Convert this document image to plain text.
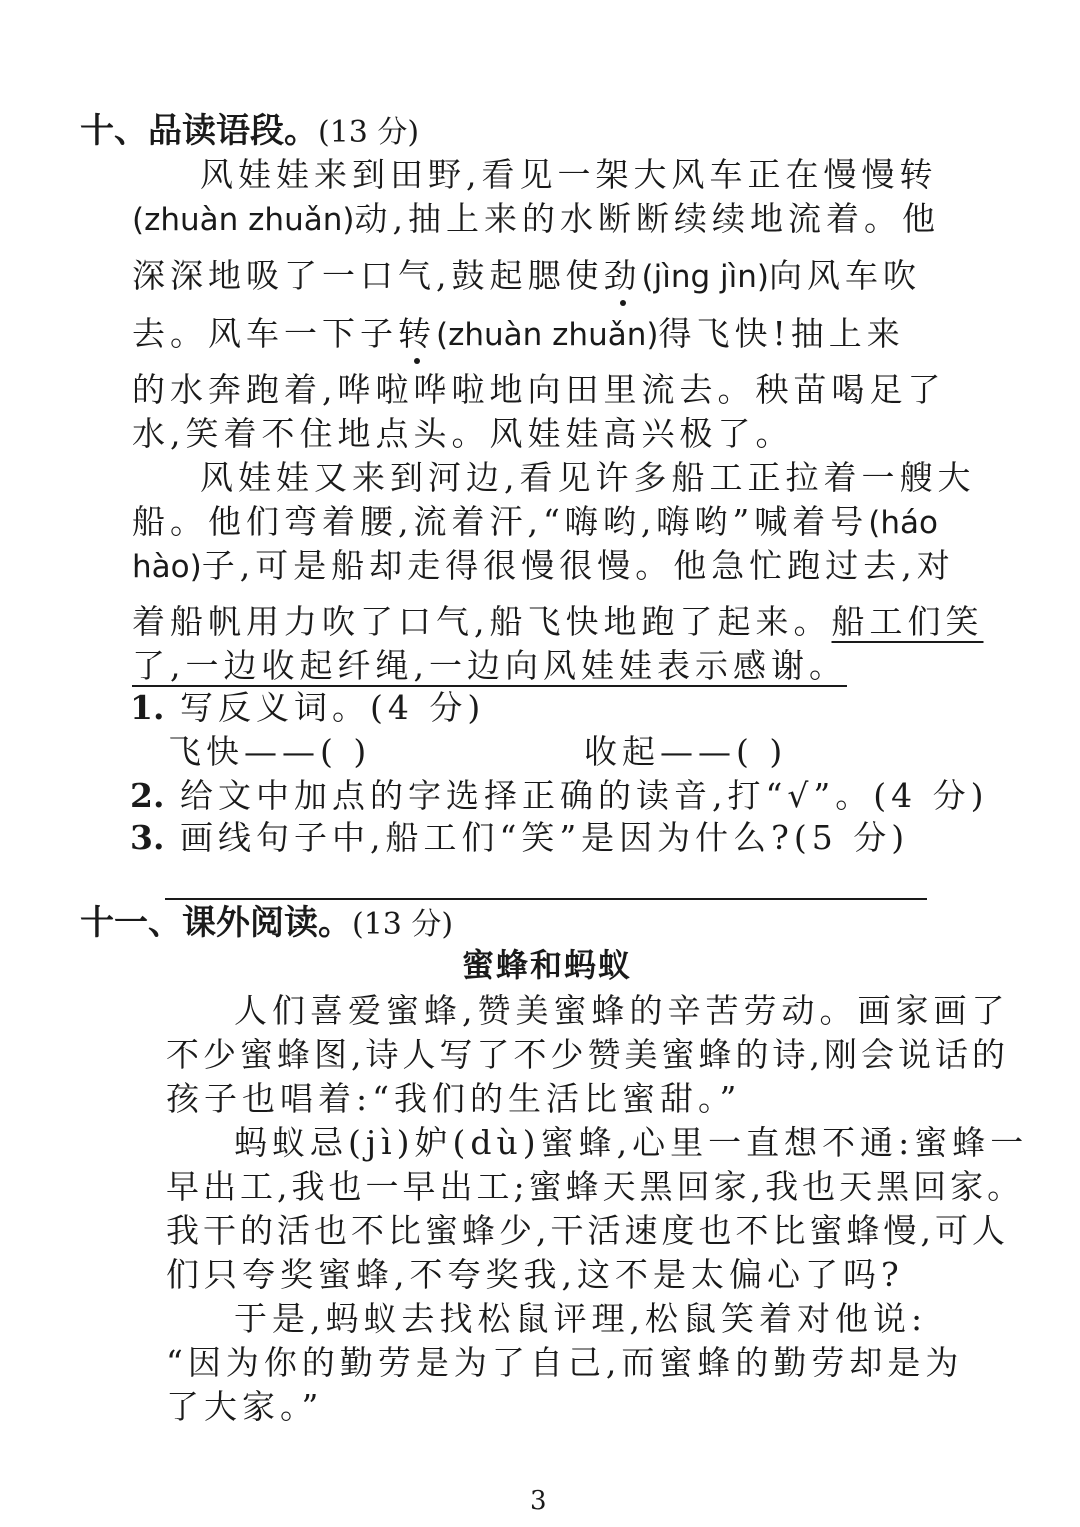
十、品读语段。(13 分)
风娃娃来到田野,看见一架大风车正在慢慢转
(zhuàn zhuǎn)动,抽上来的水断断续续地流着。他
深深地吸了一口气,鼓起腮使劲(jìng jìn)向风车吹
去。风车一下子转(zhuàn zhuǎn)得飞快!抽上来
的水奔跑着,哗啦哗啦地向田里流去。秧苗喝足了
水,笑着不住地点头。风娃娃高兴极了。
风娃娃又来到河边,看见许多船工正拉着一艘大
船。他们弯着腰,流着汗,“嗨哟,嗨哟”喊着号(háo
hào)子,可是船却走得很慢很慢。他急忙跑过去,对
着船帆用力吹了口气,船飞快地跑了起来。船工们笑
了,一边收起纤绳,一边向风娃娃表示感谢。
1. 写反义词。(4 分)
飞快——( )	收起——( )
2. 给文中加点的字选择正确的读音,打“√”。(4 分)
3. 画线句子中,船工们“笑”是因为什么?(5 分)
十一、课外阅读。(13 分)
蜜蜂和蚂蚁
人们喜爱蜜蜂,赞美蜜蜂的辛苦劳动。画家画了
不少蜜蜂图,诗人写了不少赞美蜜蜂的诗,刚会说话的
孩子也唱着:“我们的生活比蜜甜。”
蚂蚁忌(jì)妒(dù)蜜蜂,心里一直想不通:蜜蜂一
早出工,我也一早出工;蜜蜂天黑回家,我也天黑回家。
我干的活也不比蜜蜂少,干活速度也不比蜜蜂慢,可人
们只夸奖蜜蜂,不夸奖我,这不是太偏心了吗?
于是,蚂蚁去找松鼠评理,松鼠笑着对他说:
“因为你的勤劳是为了自己,而蜜蜂的勤劳却是为
了大家。”
3
